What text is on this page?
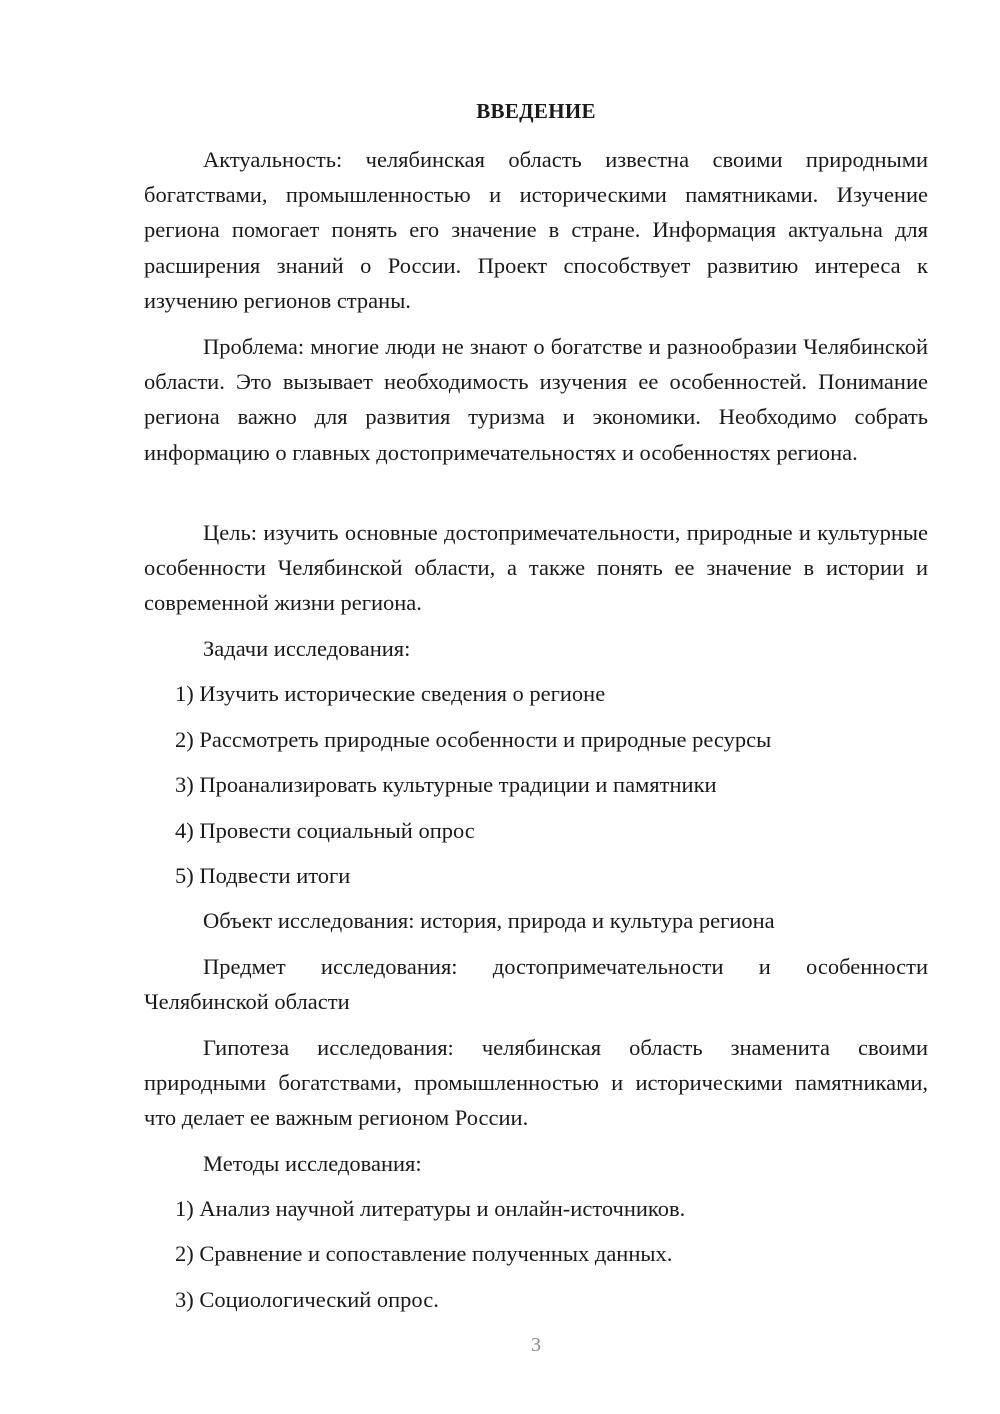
ВВЕДЕНИЕ

Актуальность: челябинская область известна своими природными богатствами, промышленностью и историческими памятниками. Изучение региона помогает понять его значение в стране. Информация актуальна для расширения знаний о России. Проект способствует развитию интереса к изучению регионов страны.

Проблема: многие люди не знают о богатстве и разнообразии Челябинской области. Это вызывает необходимость изучения ее особенностей. Понимание региона важно для развития туризма и экономики. Необходимо собрать информацию о главных достопримечательностях и особенностях региона.

Цель: изучить основные достопримечательности, природные и культурные особенности Челябинской области, а также понять ее значение в истории и современной жизни региона.

Задачи исследования:

1) Изучить исторические сведения о регионе

2) Рассмотреть природные особенности и природные ресурсы

3) Проанализировать культурные традиции и памятники

4) Провести социальный опрос

5) Подвести итоги

Объект исследования: история, природа и культура региона

Предмет исследования: достопримечательности и особенности Челябинской области

Гипотеза исследования: челябинская область знаменита своими природными богатствами, промышленностью и историческими памятниками, что делает ее важным регионом России.

Методы исследования:

1) Анализ научной литературы и онлайн-источников.

2) Сравнение и сопоставление полученных данных.

3) Социологический опрос.

3
